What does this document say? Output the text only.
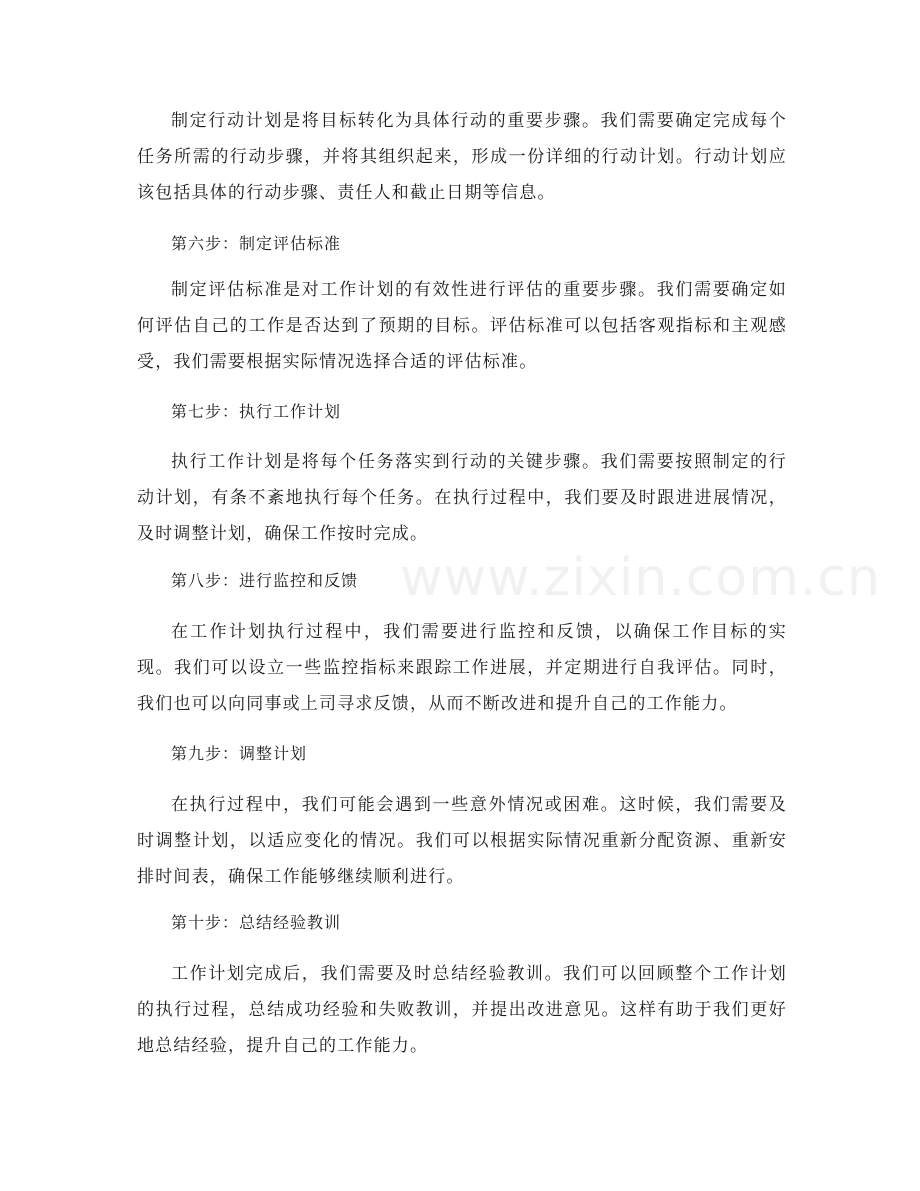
制定行动计划是将目标转化为具体行动的重要步骤。我们需要确定完成每个任务所需的行动步骤，并将其组织起来，形成一份详细的行动计划。行动计划应该包括具体的行动步骤、责任人和截止日期等信息。

第六步：制定评估标准

制定评估标准是对工作计划的有效性进行评估的重要步骤。我们需要确定如何评估自己的工作是否达到了预期的目标。评估标准可以包括客观指标和主观感受，我们需要根据实际情况选择合适的评估标准。

第七步：执行工作计划

执行工作计划是将每个任务落实到行动的关键步骤。我们需要按照制定的行动计划，有条不紊地执行每个任务。在执行过程中，我们要及时跟进进展情况，及时调整计划，确保工作按时完成。

第八步：进行监控和反馈

在工作计划执行过程中，我们需要进行监控和反馈，以确保工作目标的实现。我们可以设立一些监控指标来跟踪工作进展，并定期进行自我评估。同时，我们也可以向同事或上司寻求反馈，从而不断改进和提升自己的工作能力。

第九步：调整计划

在执行过程中，我们可能会遇到一些意外情况或困难。这时候，我们需要及时调整计划，以适应变化的情况。我们可以根据实际情况重新分配资源、重新安排时间表，确保工作能够继续顺利进行。

第十步：总结经验教训

工作计划完成后，我们需要及时总结经验教训。我们可以回顾整个工作计划的执行过程，总结成功经验和失败教训，并提出改进意见。这样有助于我们更好地总结经验，提升自己的工作能力。

www.zixin.com.cn
